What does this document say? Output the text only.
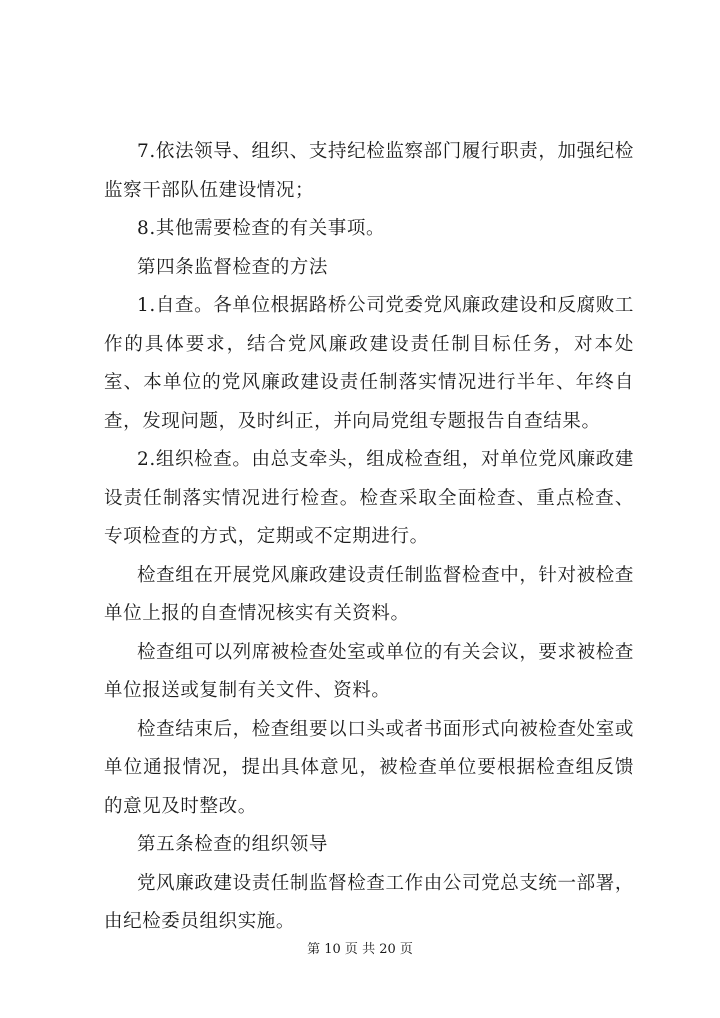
7.依法领导、组织、支持纪检监察部门履行职责，加强纪检监察干部队伍建设情况；

8.其他需要检查的有关事项。

第四条监督检查的方法

1.自查。各单位根据路桥公司党委党风廉政建设和反腐败工作的具体要求，结合党风廉政建设责任制目标任务，对本处室、本单位的党风廉政建设责任制落实情况进行半年、年终自查，发现问题，及时纠正，并向局党组专题报告自查结果。

2.组织检查。由总支牵头，组成检查组，对单位党风廉政建设责任制落实情况进行检查。检查采取全面检查、重点检查、专项检查的方式，定期或不定期进行。

检查组在开展党风廉政建设责任制监督检查中，针对被检查单位上报的自查情况核实有关资料。

检查组可以列席被检查处室或单位的有关会议，要求被检查单位报送或复制有关文件、资料。

检查结束后，检查组要以口头或者书面形式向被检查处室或单位通报情况，提出具体意见，被检查单位要根据检查组反馈的意见及时整改。

第五条检查的组织领导

党风廉政建设责任制监督检查工作由公司党总支统一部署，由纪检委员组织实施。

第 10 页 共 20 页
